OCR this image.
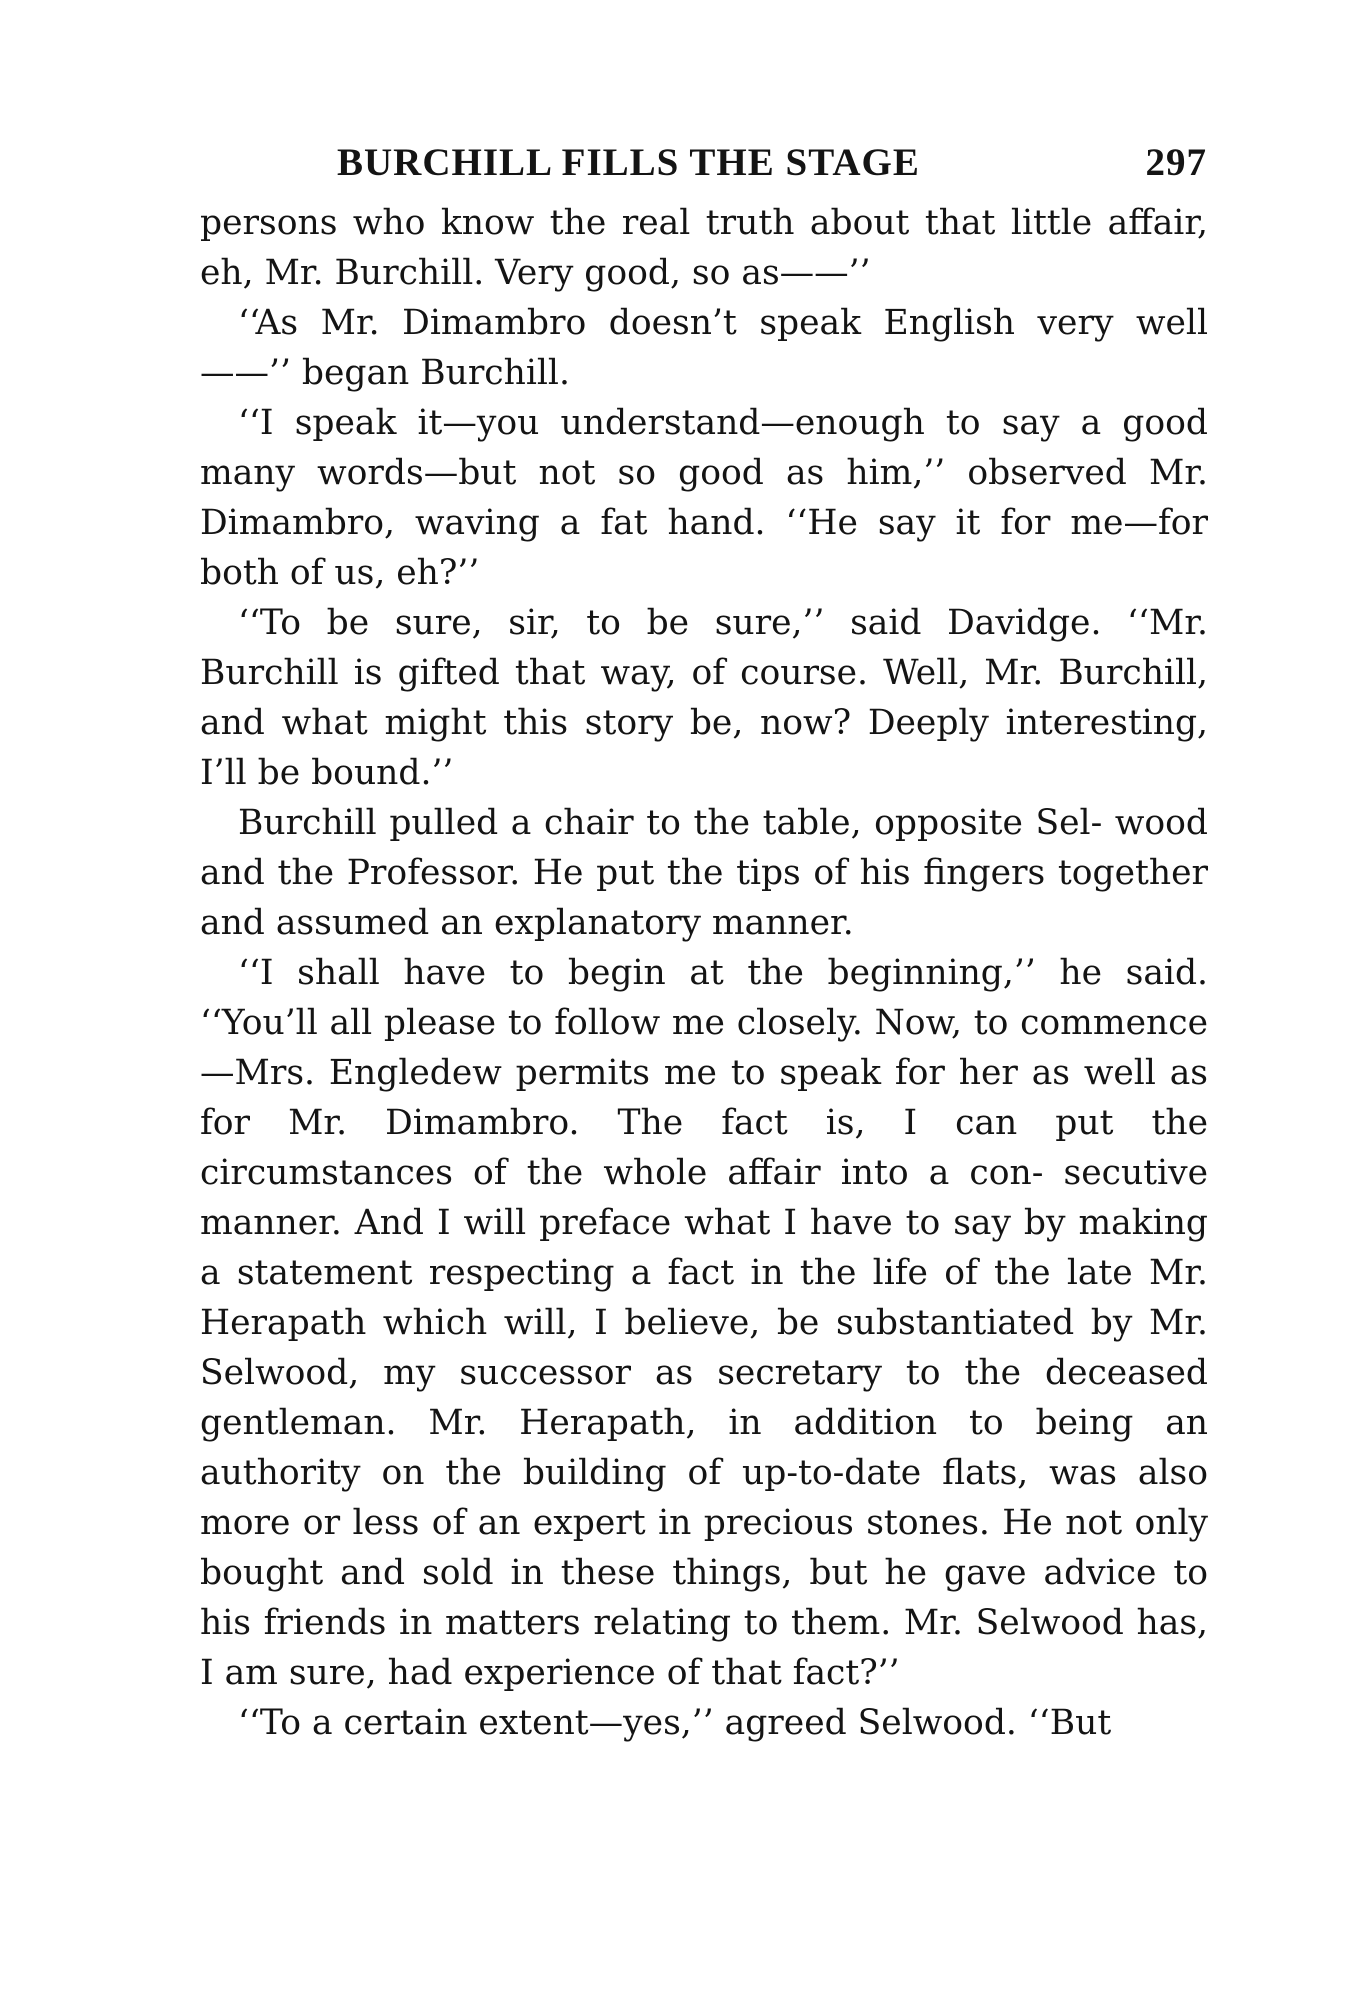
BURCHILL FILLS THE STAGE	297

persons who know the real truth about that little affair, eh, Mr. Burchill. Very good, so as——’’

‘‘As Mr. Dimambro doesn’t speak English very well——’’ began Burchill.

‘‘I speak it—you understand—enough to say a good many words—but not so good as him,’’ observed Mr. Dimambro, waving a fat hand. ‘‘He say it for me—for both of us, eh?’’

‘‘To be sure, sir, to be sure,’’ said Davidge. ‘‘Mr. Burchill is gifted that way, of course. Well, Mr. Burchill, and what might this story be, now? Deeply interesting, I’ll be bound.’’

Burchill pulled a chair to the table, opposite Sel‑ wood and the Professor. He put the tips of his fingers together and assumed an explanatory manner.

‘‘I shall have to begin at the beginning,’’ he said. ‘‘You’ll all please to follow me closely. Now, to commence—Mrs. Engledew permits me to speak for her as well as for Mr. Dimambro. The fact is, I can put the circumstances of the whole affair into a con‑ secutive manner. And I will preface what I have to say by making a statement respecting a fact in the life of the late Mr. Herapath which will, I believe, be substantiated by Mr. Selwood, my successor as secretary to the deceased gentleman. Mr. Herapath, in addition to being an authority on the building of up-to-date flats, was also more or less of an expert in precious stones. He not only bought and sold in these things, but he gave advice to his friends in matters relating to them. Mr. Selwood has, I am sure, had experience of that fact?’’

‘‘To a certain extent—yes,’’ agreed Selwood. ‘‘But
